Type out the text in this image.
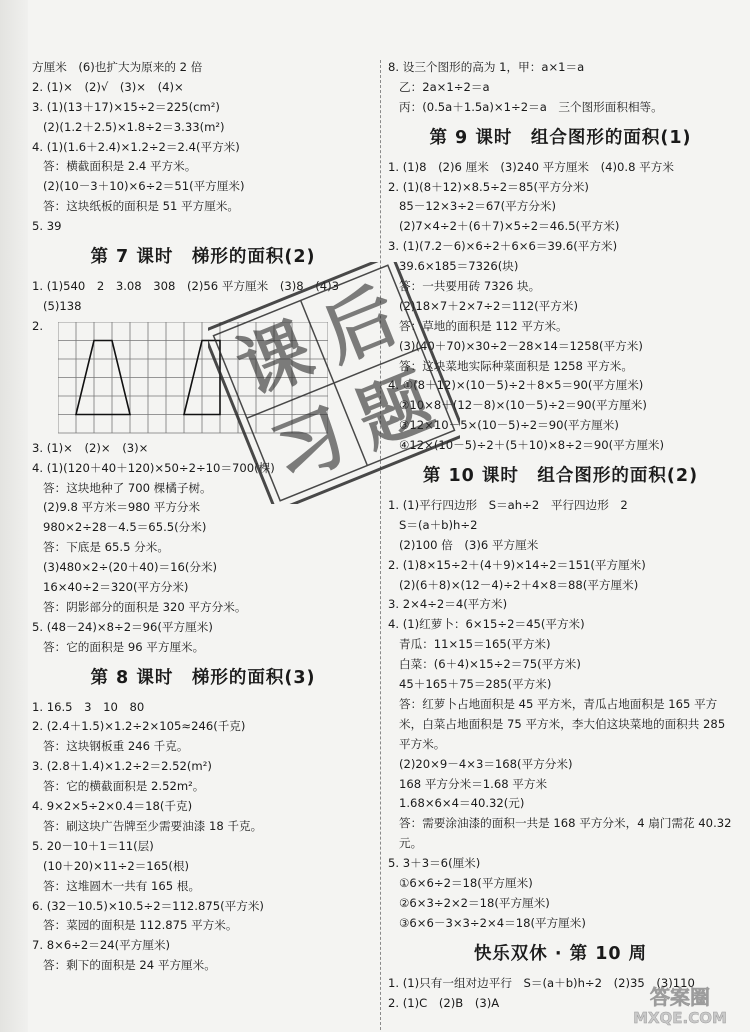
方厘米　(6)也扩大为原来的 2 倍
2. (1)×　(2)√　(3)×　(4)×
3. (1)(13＋17)×15÷2＝225(cm²)
(2)(1.2＋2.5)×1.8÷2＝3.33(m²)
4. (1)(1.6＋2.4)×1.2÷2＝2.4(平方米)
答：横截面积是 2.4 平方米。
(2)(10－3＋10)×6÷2＝51(平方厘米)
答：这块纸板的面积是 51 平方厘米。
5. 39
第 7 课时　梯形的面积(2)
1. (1)540　2　3.08　308　(2)56 平方厘米　(3)8　(4)3
(5)138
2.
3. (1)×　(2)×　(3)×
4. (1)(120＋40＋120)×50÷2÷10＝700(棵)
答：这块地种了 700 棵橘子树。
(2)9.8 平方米＝980 平方分米
980×2÷28－4.5＝65.5(分米)
答：下底是 65.5 分米。
(3)480×2÷(20＋40)＝16(分米)
16×40÷2＝320(平方分米)
答：阴影部分的面积是 320 平方分米。
5. (48－24)×8÷2＝96(平方厘米)
答：它的面积是 96 平方厘米。
第 8 课时　梯形的面积(3)
1. 16.5　3　10　80
2. (2.4＋1.5)×1.2÷2×105≈246(千克)
答：这块钢板重 246 千克。
3. (2.8＋1.4)×1.2÷2＝2.52(m²)
答：它的横截面积是 2.52m²。
4. 9×2×5÷2×0.4＝18(千克)
答：刷这块广告牌至少需要油漆 18 千克。
5. 20－10＋1＝11(层)
(10＋20)×11÷2＝165(根)
答：这堆圆木一共有 165 根。
6. (32－10.5)×10.5÷2＝112.875(平方米)
答：菜园的面积是 112.875 平方米。
7. 8×6÷2＝24(平方厘米)
答：剩下的面积是 24 平方厘米。
8. 设三个图形的高为 1，甲：a×1＝a
乙：2a×1÷2＝a
丙：(0.5a＋1.5a)×1÷2＝a　三个图形面积相等。
第 9 课时　组合图形的面积(1)
1. (1)8　(2)6 厘米　(3)240 平方厘米　(4)0.8 平方米
2. (1)(8＋12)×8.5÷2＝85(平方分米)
85－12×3÷2＝67(平方分米)
(2)7×4÷2＋(6＋7)×5÷2＝46.5(平方米)
3. (1)(7.2－6)×6÷2＋6×6＝39.6(平方米)
39.6×185＝7326(块)
答：一共要用砖 7326 块。
(2)18×7＋2×7÷2＝112(平方米)
答：草地的面积是 112 平方米。
(3)(40＋70)×30÷2－28×14＝1258(平方米)
答：这块菜地实际种菜面积是 1258 平方米。
4. ①(8＋12)×(10－5)÷2＋8×5＝90(平方厘米)
②10×8＋(12－8)×(10－5)÷2＝90(平方厘米)
③12×10－5×(10－5)÷2＝90(平方厘米)
④12×(10－5)÷2＋(5＋10)×8÷2＝90(平方厘米)
第 10 课时　组合图形的面积(2)
1. (1)平行四边形　S＝ah÷2　平行四边形　2
S＝(a＋b)h÷2
(2)100 倍　(3)6 平方厘米
2. (1)8×15÷2＋(4＋9)×14÷2＝151(平方厘米)
(2)(6＋8)×(12－4)÷2＋4×8＝88(平方厘米)
3. 2×4÷2＝4(平方米)
4. (1)红萝卜：6×15÷2＝45(平方米)
青瓜：11×15＝165(平方米)
白菜：(6＋4)×15÷2＝75(平方米)
45＋165＋75＝285(平方米)
答：红萝卜占地面积是 45 平方米，青瓜占地面积是 165 平方米，白菜占地面积是 75 平方米，李大伯这块菜地的面积共 285 平方米。
(2)20×9－4×3＝168(平方分米)
168 平方分米＝1.68 平方米
1.68×6×4＝40.32(元)
答：需要涂油漆的面积一共是 168 平方分米，4 扇门需花 40.32 元。
5. 3＋3＝6(厘米)
①6×6÷2＝18(平方厘米)
②6×3÷2×2＝18(平方厘米)
③6×6－3×3÷2×4＝18(平方厘米)
快乐双休 · 第 10 周
1. (1)只有一组对边平行　S＝(a＋b)h÷2　(2)35　(3)110
2. (1)C　(2)B　(3)A
课
后
习
题
答案圈
MXQE.COM
